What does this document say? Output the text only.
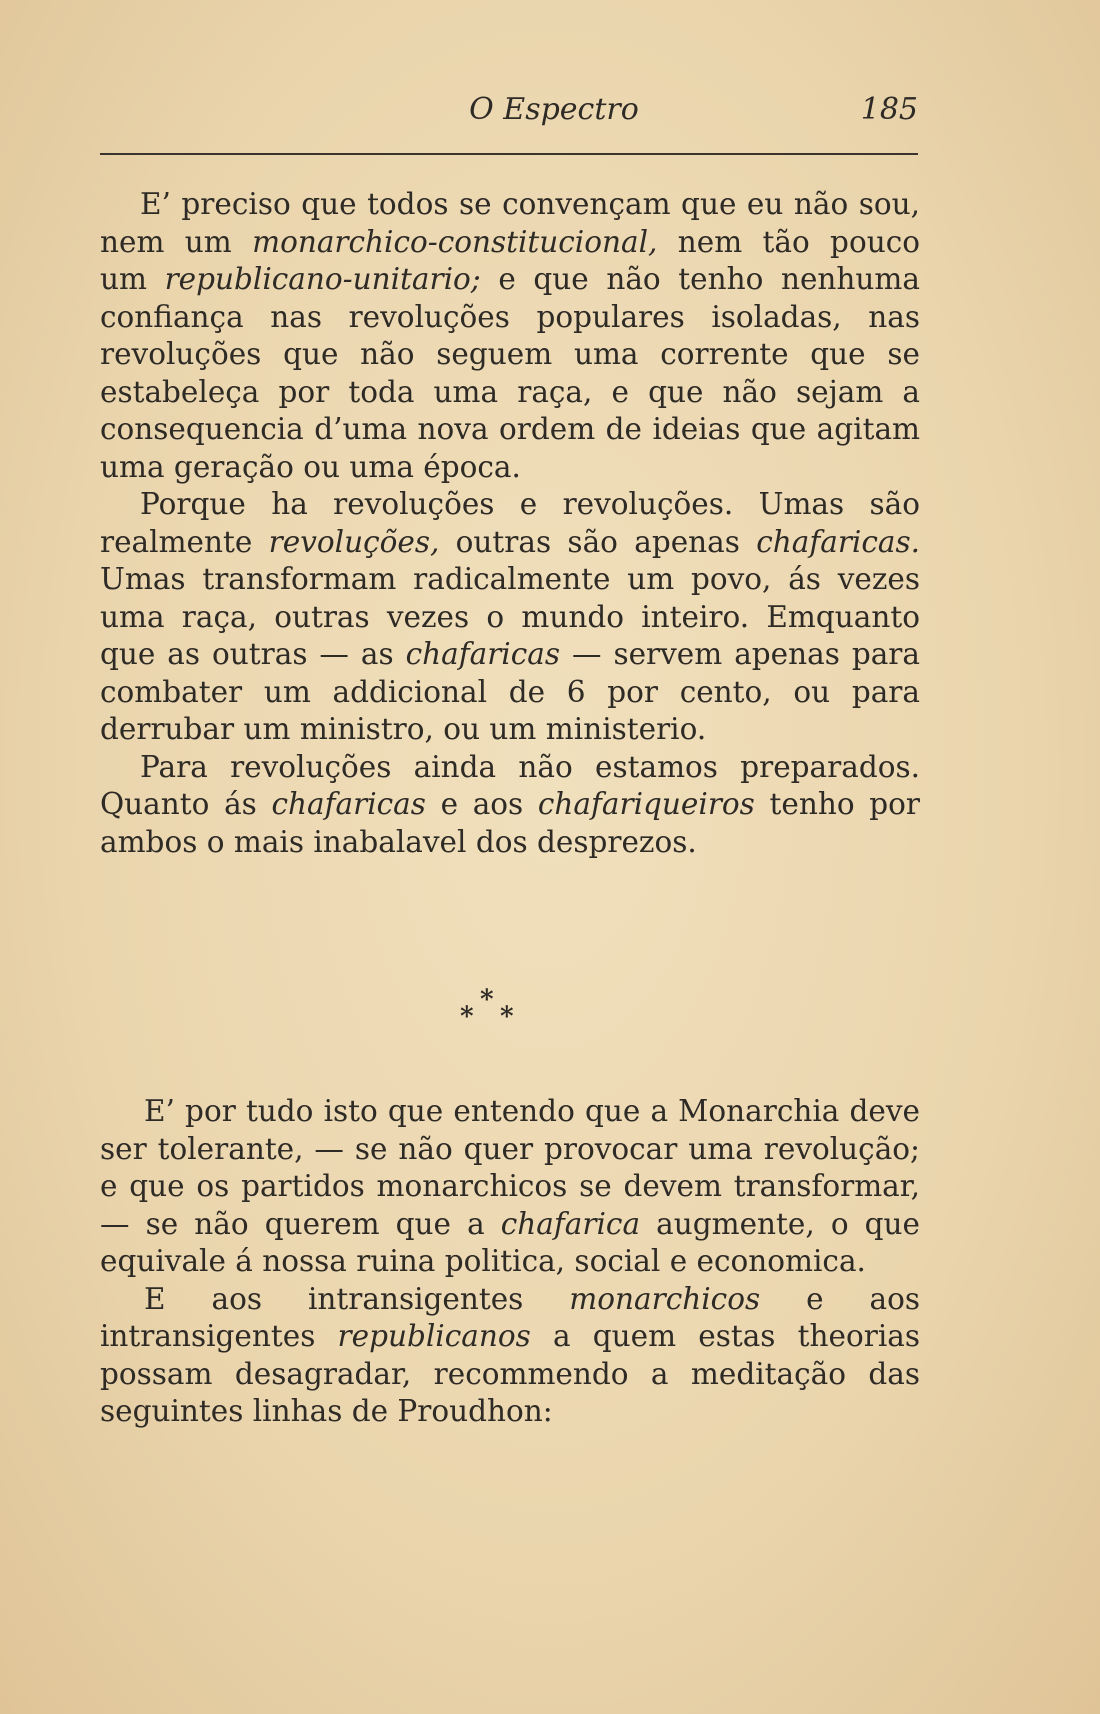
O Espectro	185

E’ preciso que todos se convençam que eu não sou, nem um monarchico-constitucional, nem tão pouco um republicano-unitario; e que não tenho nenhuma confiança nas revoluções populares isoladas, nas revoluções que não seguem uma corrente que se estabeleça por toda uma raça, e que não sejam a consequencia d’uma nova ordem de ideias que agitam uma geração ou uma época.

Porque ha revoluções e revoluções. Umas são realmente revoluções, outras são apenas chafaricas. Umas transformam radicalmente um povo, ás vezes uma raça, outras vezes o mundo inteiro. Emquanto que as outras — as chafaricas — servem apenas para combater um addicional de 6 por cento, ou para derrubar um ministro, ou um ministerio.

Para revoluções ainda não estamos preparados. Quanto ás chafaricas e aos chafariqueiros tenho por ambos o mais inabalavel dos desprezos.

*
* *

E’ por tudo isto que entendo que a Monarchia deve ser tolerante, — se não quer provocar uma revolução; e que os partidos monarchicos se devem transformar, — se não querem que a chafarica augmente, o que equivale á nossa ruina politica, social e economica.

E aos intransigentes monarchicos e aos intransigentes republicanos a quem estas theorias possam desagradar, recommendo a meditação das seguintes linhas de Proudhon:
